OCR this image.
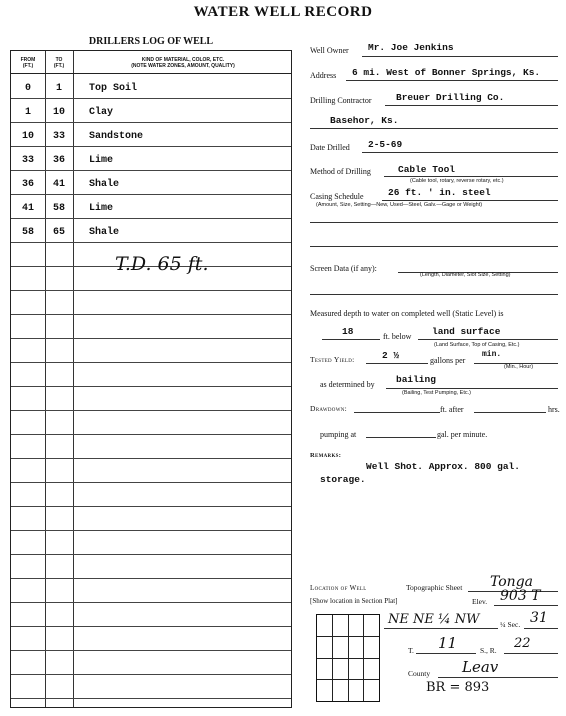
WATER WELL RECORD
DRILLERS LOG OF WELL
FROM
(FT.)
TO
(FT.)
KIND OF MATERIAL, COLOR, ETC.
(NOTE WATER ZONES, AMOUNT, QUALITY)
0	1	Top Soil
1	10	Clay
10	33	Sandstone
33	36	Lime
36	41	Shale
41	58	Lime
58	65	Shale
T.D. 65 ft.
Well Owner Mr. Joe Jenkins
Address 6 mi. West of Bonner Springs, Ks.
Drilling Contractor	Breuer Drilling Co.
Basehor, Ks.
Date Drilled 2-5-69
Method of Drilling	Cable Tool
(Cable tool, rotary, reverse rotary, etc.)
Casing Schedule	26 ft. ' in. steel
(Amount, Size, Setting—New, Used—Steel, Galv.—Gage or Weight)
Screen Data (if any):
(Length, Diameter, Slot Size, Setting)
Measured depth to water on completed well (Static Level) is
18	ft. below land surface
(Land Surface, Top of Casing, Etc.)
Tested Yield:	2 ½	gallons per
min.
(Min., Hour)
as determined by bailing
(Bailing, Test Pumping, Etc.)
Drawdown:	ft. after	hrs.
pumping at	gal. per minute.
Remarks:
Well Shot. Approx. 800 gal.
storage.
Location of Well	Topographic Sheet Tonga
[Show location in Section Plat]	Elev. 903 T
NE NE ¼ NW	¼ Sec. 31
T. 11	S., R. 22
County Leav
BR = 893
